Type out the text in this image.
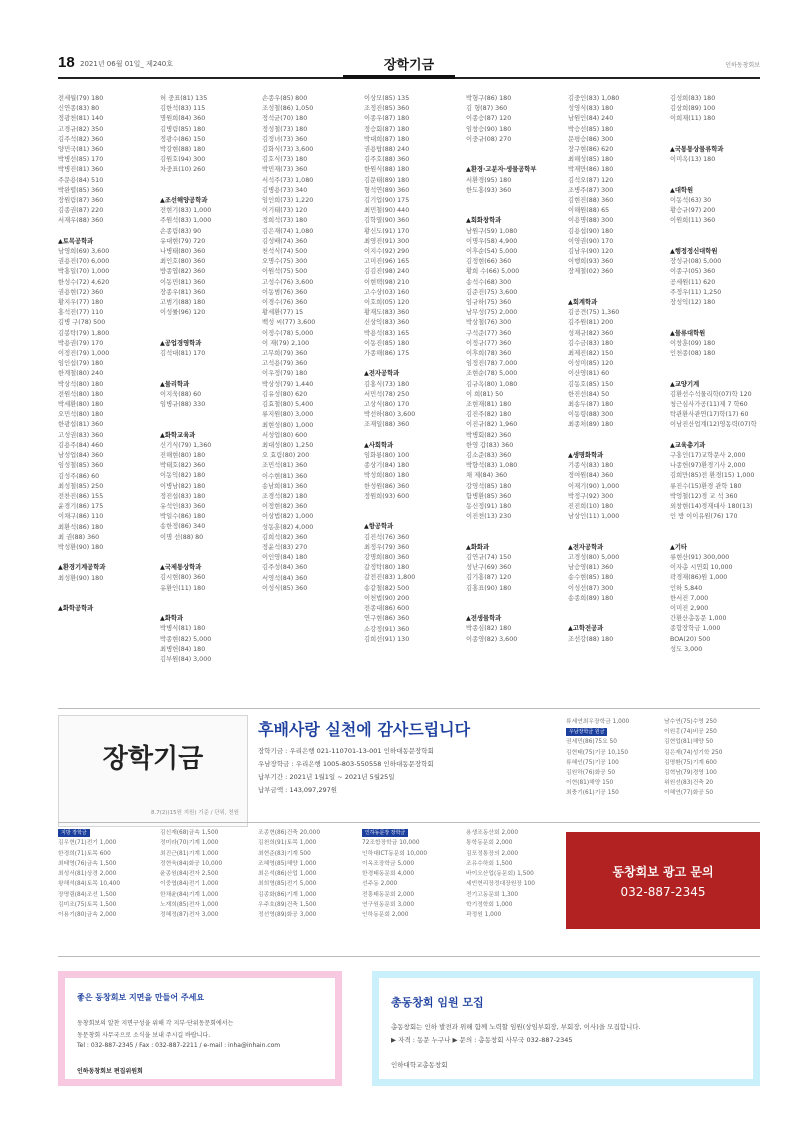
18 2021년 06월 01일_ 제240호	장학기금	인하동창회보
전세월(79) 180
신연종(83) 80
정광천(81) 140
고경규(82) 350
김주석(82) 360
양민국(81) 360
박병선(85) 170
박병진(81) 360
주문용(84) 510
박완렬(85) 360
장원림(87) 360
김종권(87) 220
서재우(88) 360
▲토목공학과
남영희(69) 3,600
권용진(70) 6,000
박홍일(70) 1,000
한성수(72) 4,620
권용현(72) 360
황지우(77) 180
홍석진(77) 110
김병 구(78) 500
김봉탁(79) 1,800
박용권(79) 170
이정진(79) 1,000
임인섭(79) 180
한계철(80) 240
박상석(80) 180
전원석(80) 180
박세환(80) 180
오민석(80) 180
한광섭(81) 360
고성권(83) 360
김용주(84) 460
남성업(84) 360
임성철(85) 360
김성주(86) 60
최성철(85) 250
전찬진(86) 155
윤경기(86) 175
이채구(86) 110
최환석(86) 180
최 권(88) 360
박성환(90) 180
▲환경기계공학과
최성환(90) 180
▲화학공학과
허 중표(81) 135
김한석(83) 115
명원희(84) 360
김병림(85) 180
정광수(86) 150
박강현(88) 180
김원호(94) 300
차중표(10) 260
▲조선해양공학과
전현기(83) 1,000
주원석(83) 1,000
손종림(83) 90
유대현(79) 720
나병태(80) 360
최인호(80) 360
방종엽(82) 360
이동민(81) 360
장종우(81) 360
고범기(88) 180
이성률(96) 120
▲공업경영학과
김석대(81) 170
▲물리학과
이지욱(88) 60
임병규(88) 330
▲화학교육과
신기식(79) 1,360
진해현(80) 180
박태호(82) 360
이동익(82) 180
이병남(82) 180
정진섭(83) 180
유석인(83) 360
박일수(86) 180
송한정(86) 340
이명 선(88) 80
▲국제통상학과
김시현(80) 360
유환인(11) 180
▲화학과
박병식(81) 180
박종현(82) 5,000
최병헌(84) 180
김부원(84) 3,000
손종우(85) 800
조성철(86) 1,050
정석균(70) 180
정성철(73) 180
김정녀(73) 360
김화식(73) 3,600
김호식(73) 180
박민재(73) 360
서석주(73) 1,080
김병용(73) 340
임인희(73) 1,220
이기태(73) 120
정희석(73) 180
김은재(74) 1,080
김성배(74) 360
천석식(74) 500
오명수(75) 300
이원석(75) 500
고성수(76) 3,600
이동범(76) 360
이경수(76) 360
황세환(77) 15
백성 씨(77) 3,600
이정수(78) 5,000
이 재(79) 2,100
고무희(79) 360
고석용(79) 360
이우정(79) 180
박상성(79) 1,440
김유성(80) 620
김효철(80) 5,400
류지원(80) 3,000
최현성(80) 1,000
서성업(80) 600
최대성(80) 1,250
오 효림(80) 200
조민석(81) 360
이수현(81) 360
송남희(81) 360
조경석(82) 180
이정현(82) 360
이상법(82) 1,000
성동훈(82) 4,000
김희석(82) 360
정윤석(83) 270
이인영(84) 180
김주성(84) 360
서영석(84) 360
이성식(85) 360
이상모(85) 135
조정진(85) 360
이종우(87) 180
정승회(87) 180
박대희(87) 180
권용탑(88) 240
김주호(88) 360
한원식(88) 180
김문태(89) 180
형석연(89) 360
김기업(90) 175
최민철(90) 440
김학열(90) 360
황신도(91) 170
최영진(91) 300
이지수(92) 290
고미진(96) 165
김김진(98) 240
이현택(98) 210
고수상(03) 160
이호희(05) 120
황재도(83) 360
신상익(83) 360
박용석(83) 165
이동진(85) 180
가종해(86) 175
▲전자공학과
김홍식(73) 180
서민석(78) 250
고상식(80) 170
박선하(80) 3,600
조재일(88) 360
▲사회학과
임화룡(80) 100
종상기(84) 180
박성희(80) 180
한성원(86) 360
정원희(93) 600
▲항공학과
김진석(76) 360
최정우(79) 360
강명희(80) 360
갈정탁(80) 180
갈전진(83) 1,800
송같철(82) 500
이천법(90) 200
전종대(86) 600
연구현(86) 360
소강정(91) 360
김희선(91) 130
박형구(86) 180
김 형(87) 360
이종승(87) 120
임창승(90) 180
이중규(08) 270
▲환경·고분자·생물공학부
서환경(95) 180
한도홍(93) 360
▲회화창학과
남원구(59) 1,080
이명우(58) 4,900
이후순(54) 5,000
김정현(66) 360
황희 수(66) 5,000
송석수(68) 300
김준진(75) 3,600
임규하(75) 360
남무성(75) 2,000
박상철(76) 300
구석준(77) 360
이정규(77) 360
이후희(78) 360
임정진(78) 7,000
조현순(78) 5,000
김규옥(80) 1,080
이 희(81) 50
조현재(81) 180
김진주(82) 180
이진규(82) 1,960
박병회(82) 360
한영 갑(83) 360
김소준(83) 360
박향석(83) 1,080
채 제(84) 360
강영석(85) 180
함병환(85) 360
동신정(91) 180
이진쳔(13) 230
▲화화과
김연규(74) 150
성난구(69) 360
김기홍(87) 120
김홍표(90) 180
▲전생물학과
박종심(82) 180
이종영(82) 3,600
김중인(83) 1,080
성영식(83) 180
남원인(84) 240
박승선(85) 180
문평승(86) 300
장구현(86) 620
최해성(85) 180
박재만(86) 180
김석오(87) 120
조병주(87) 300
김현진(88) 360
이해원(88) 65
이용명(88) 300
김용섭(90) 180
이영권(90) 170
김남우(90) 120
이행희(93) 360
장제철(02) 360
▲회계학과
김공견(75) 1,360
김주원(81) 200
성재규(82) 360
김수금(83) 180
최제진(82) 150
이성미(85) 120
이산영(81) 60
김동호(85) 150
한진선(84) 50
최송두(87) 180
이동령(88) 300
최종처(89) 180
▲생명화학과
기종식(83) 180
정여원(84) 360
이재기(90) 1,000
박정구(92) 300
진진희(10) 180
남상인(11) 1,000
▲전자공학과
고경성(80) 5,000
남승영(81) 360
송수현(85) 180
이성선(87) 300
송종희(89) 180
▲고학전공과
조선강(88) 180
김성희(83) 180
김상희(89) 100
이희재(11) 180
▲국통통상물류학과
이미옥(13) 180
▲대학원
이동석(63) 30
황승규(97) 200
이원희(11) 360
▲행정정신대학원
장성규(08) 5,000
이종구(05) 360
공세원(11) 620
주정우(11) 1,250
장성익(12) 180
▲물류대학원
이창훈(09) 180
인천종(08) 180
▲교양기계
김환선수석물리학(07)학 120
청근심사가공(11)제 7 학60
탁관환사관연(17)학(17) 60
이남진산업계(12)영동력(07)학
▲교육총기과
구홍인(17)교학문사 2,000
나종헌(97)환경기사 2,000
김희만(85)전 환경(15) 1,000
류진수(15)환경 관학 180
박엉철(12)경 교 석 360
외창현(14)경재대사 180(13)
인 방 이이유원(76) 170
▲기타
류현산(91) 300,000
이자총 시연회 10,000
곽경재(86)원 1,000
인하 5,840
한서진 7,000
이미진 2,900
간환산총동문 1,000
종합장학금 1,000
BOA(20) 500
성도 3,000
장학기금
8.7(2)(15원 지원) 기준 / 단위, 천원
후배사랑 실천에 감사드립니다
장학기금 : 우리은행 021-110701-13-001 인하대동문장학회
우남장학금 : 우리은행 1005-803-550558 인하대동문장학회
납부기간 : 2021년 1월1일 ~ 2021년 5월25일
납부금액 : 143,097,297원
류세연최우장학금 1,000
우남장학금 원금
권세민(86)75요 50
김현태(75)기공 10,150
류혜인(75)기공 100
김원하(76)화공 50
이현(81)해양 150
최충기(61)기공 150
남수연(75)수영 250
이원홍(74)비공 250
김현업(81)해양 50
김은재(74)성기학 250
김명환(75)기계 600
김혁남(79)경영 100
위원선(83)건축 20
이혜연(77)화공 50
지방 장학금
김우현(71)전기 1,000
한경희(71)토목 600
최태영(76)금속 1,500
최성서(81)상경 2,000
왕해석(84)토목 10,400
장명림(84)조선 1,500
김미조(75)토목 1,500
이용기(80)금속 2,000
김신재(68)금속 1,500
정미라(70)기계 1,000
최진근(81)기계 1,000
정현욱(84)화공 10,000
윤종원(84)전자 2,500
이중엽(84)전기 1,000
한채윤(84)기계 1,000
노재희(85)전자 1,000
정혜정(87)전자 3,000
조종현(86)건축 20,000
김천희(91)토목 1,000
최현준(83)기계 500
조혜영(85)해양 1,000
최은석(86)산업 1,000
최희영(85)전기 5,000
김종화(86)기계 1,000
우주호(89)건축 1,500
정선영(89)화공 3,000
인하동문장 장학금
72조합장학금 10,000
인하대ICT동문회 10,000
이옥조장학금 5,000
한경태동문회 4,000
선주동 2,000
전흥태동문회 2,000
연구원동문회 3,000
인하동문회 2,000
용생조동산회 2,000
통학동문회 2,000
김포정통장의 2,000
조유수하회 1,500
바이오산업(동문회) 1,500
세빈현리장정대장원장 100
전기고동문회 1,300
학기정학회 1,000
곽정원 1,000
동창회보 광고 문의
032-887-2345
좋은 동창회보 지면을 만들어 주세요
동창회보의 알찬 지면구성을 위해 각 지부·단위동문회에서는
동문창회 사무국으로 소식을 보내 주시길 바랍니다.
Tel : 032-887-2345 / Fax : 032-887-2211 / e-mail : inha@inhain.com
인하동창회보 편집위원회
총동창회 임원 모집
총동창회는 인하 발전과 위해 함께 노력할 임원(상임부회장, 부회장, 이사)을 모집합니다.
▶ 자격 : 동문 누구나 ▶ 문의 : 총동창회 사무국 032-887-2345
인하대학교총동창회
